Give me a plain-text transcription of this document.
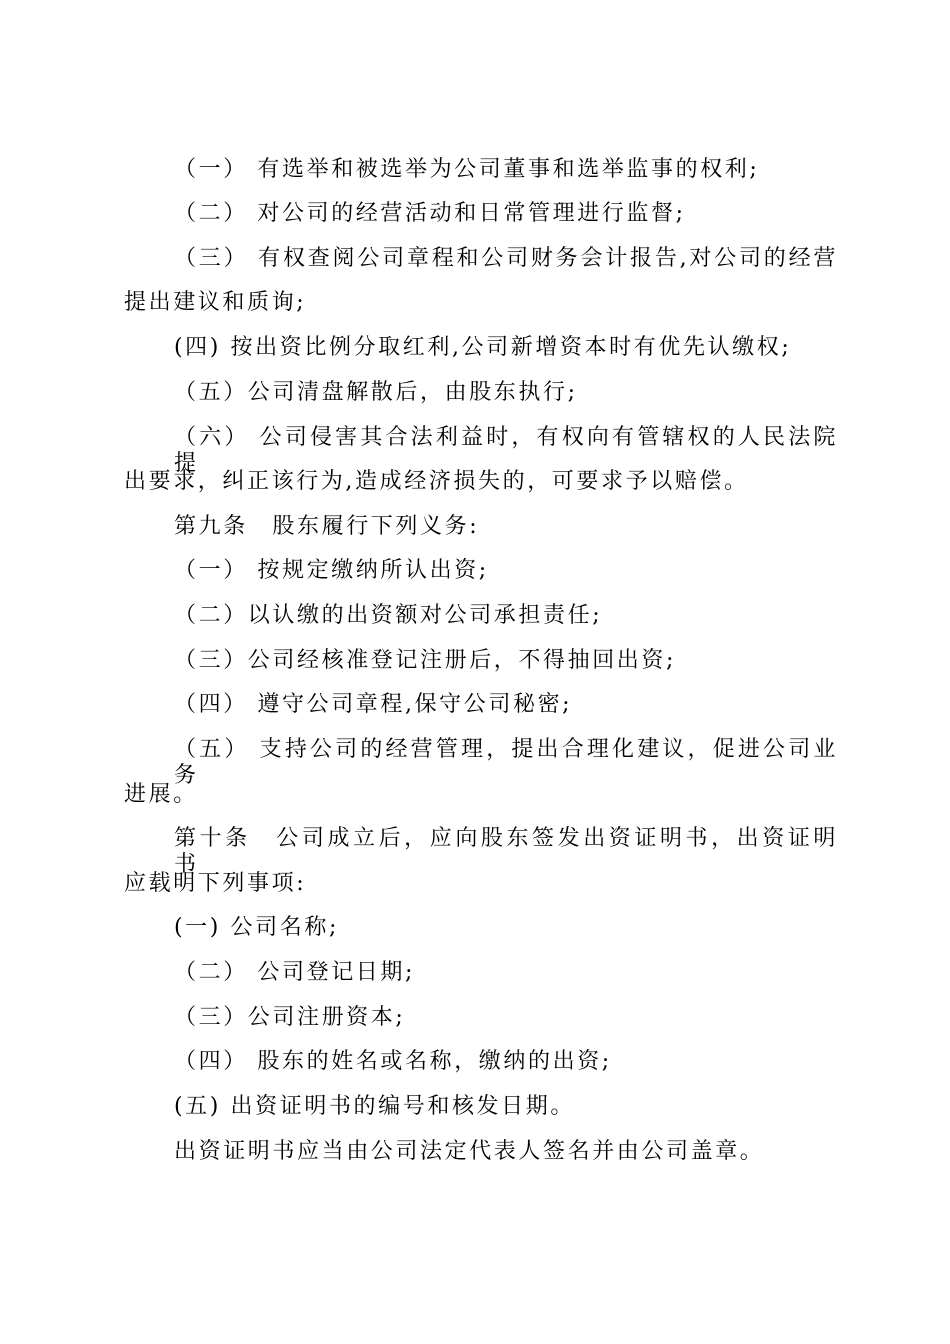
（一） 有选举和被选举为公司董事和选举监事的权利;
（二） 对公司的经营活动和日常管理进行监督;
（三） 有权查阅公司章程和公司财务会计报告,对公司的经营
提出建议和质询;
(四) 按出资比例分取红利,公司新增资本时有优先认缴权;
（五）公司清盘解散后，由股东执行;
（六） 公司侵害其合法利益时，有权向有管辖权的人民法院提
出要求，纠正该行为,造成经济损失的，可要求予以赔偿。
第九条　股东履行下列义务:
（一） 按规定缴纳所认出资;
（二）以认缴的出资额对公司承担责任;
（三）公司经核准登记注册后，不得抽回出资;
（四） 遵守公司章程,保守公司秘密;
（五） 支持公司的经营管理，提出合理化建议，促进公司业务
进展。
第十条　公司成立后，应向股东签发出资证明书，出资证明书
应载明下列事项:
(一) 公司名称;
（二） 公司登记日期;
（三）公司注册资本;
（四） 股东的姓名或名称，缴纳的出资;
(五) 出资证明书的编号和核发日期。
出资证明书应当由公司法定代表人签名并由公司盖章。
